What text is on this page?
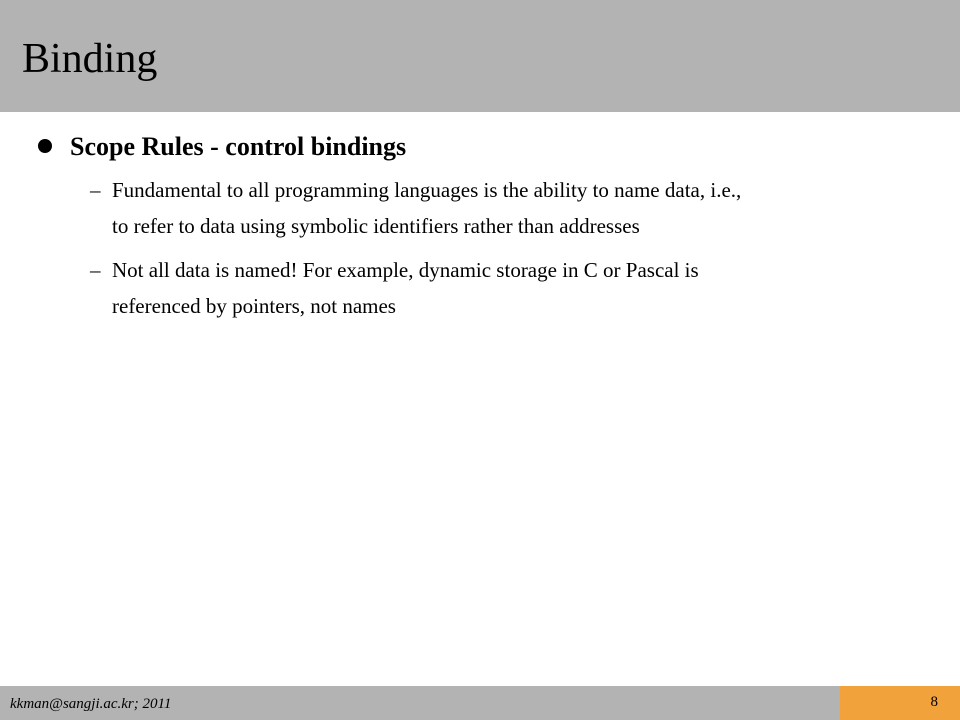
Binding
Scope Rules - control bindings
– Fundamental to all programming languages is the ability to name data, i.e.,
to refer to data using symbolic identifiers rather than addresses
– Not all data is named! For example, dynamic storage in C or Pascal is
referenced by pointers, not names
kkman@sangji.ac.kr; 2011	8
